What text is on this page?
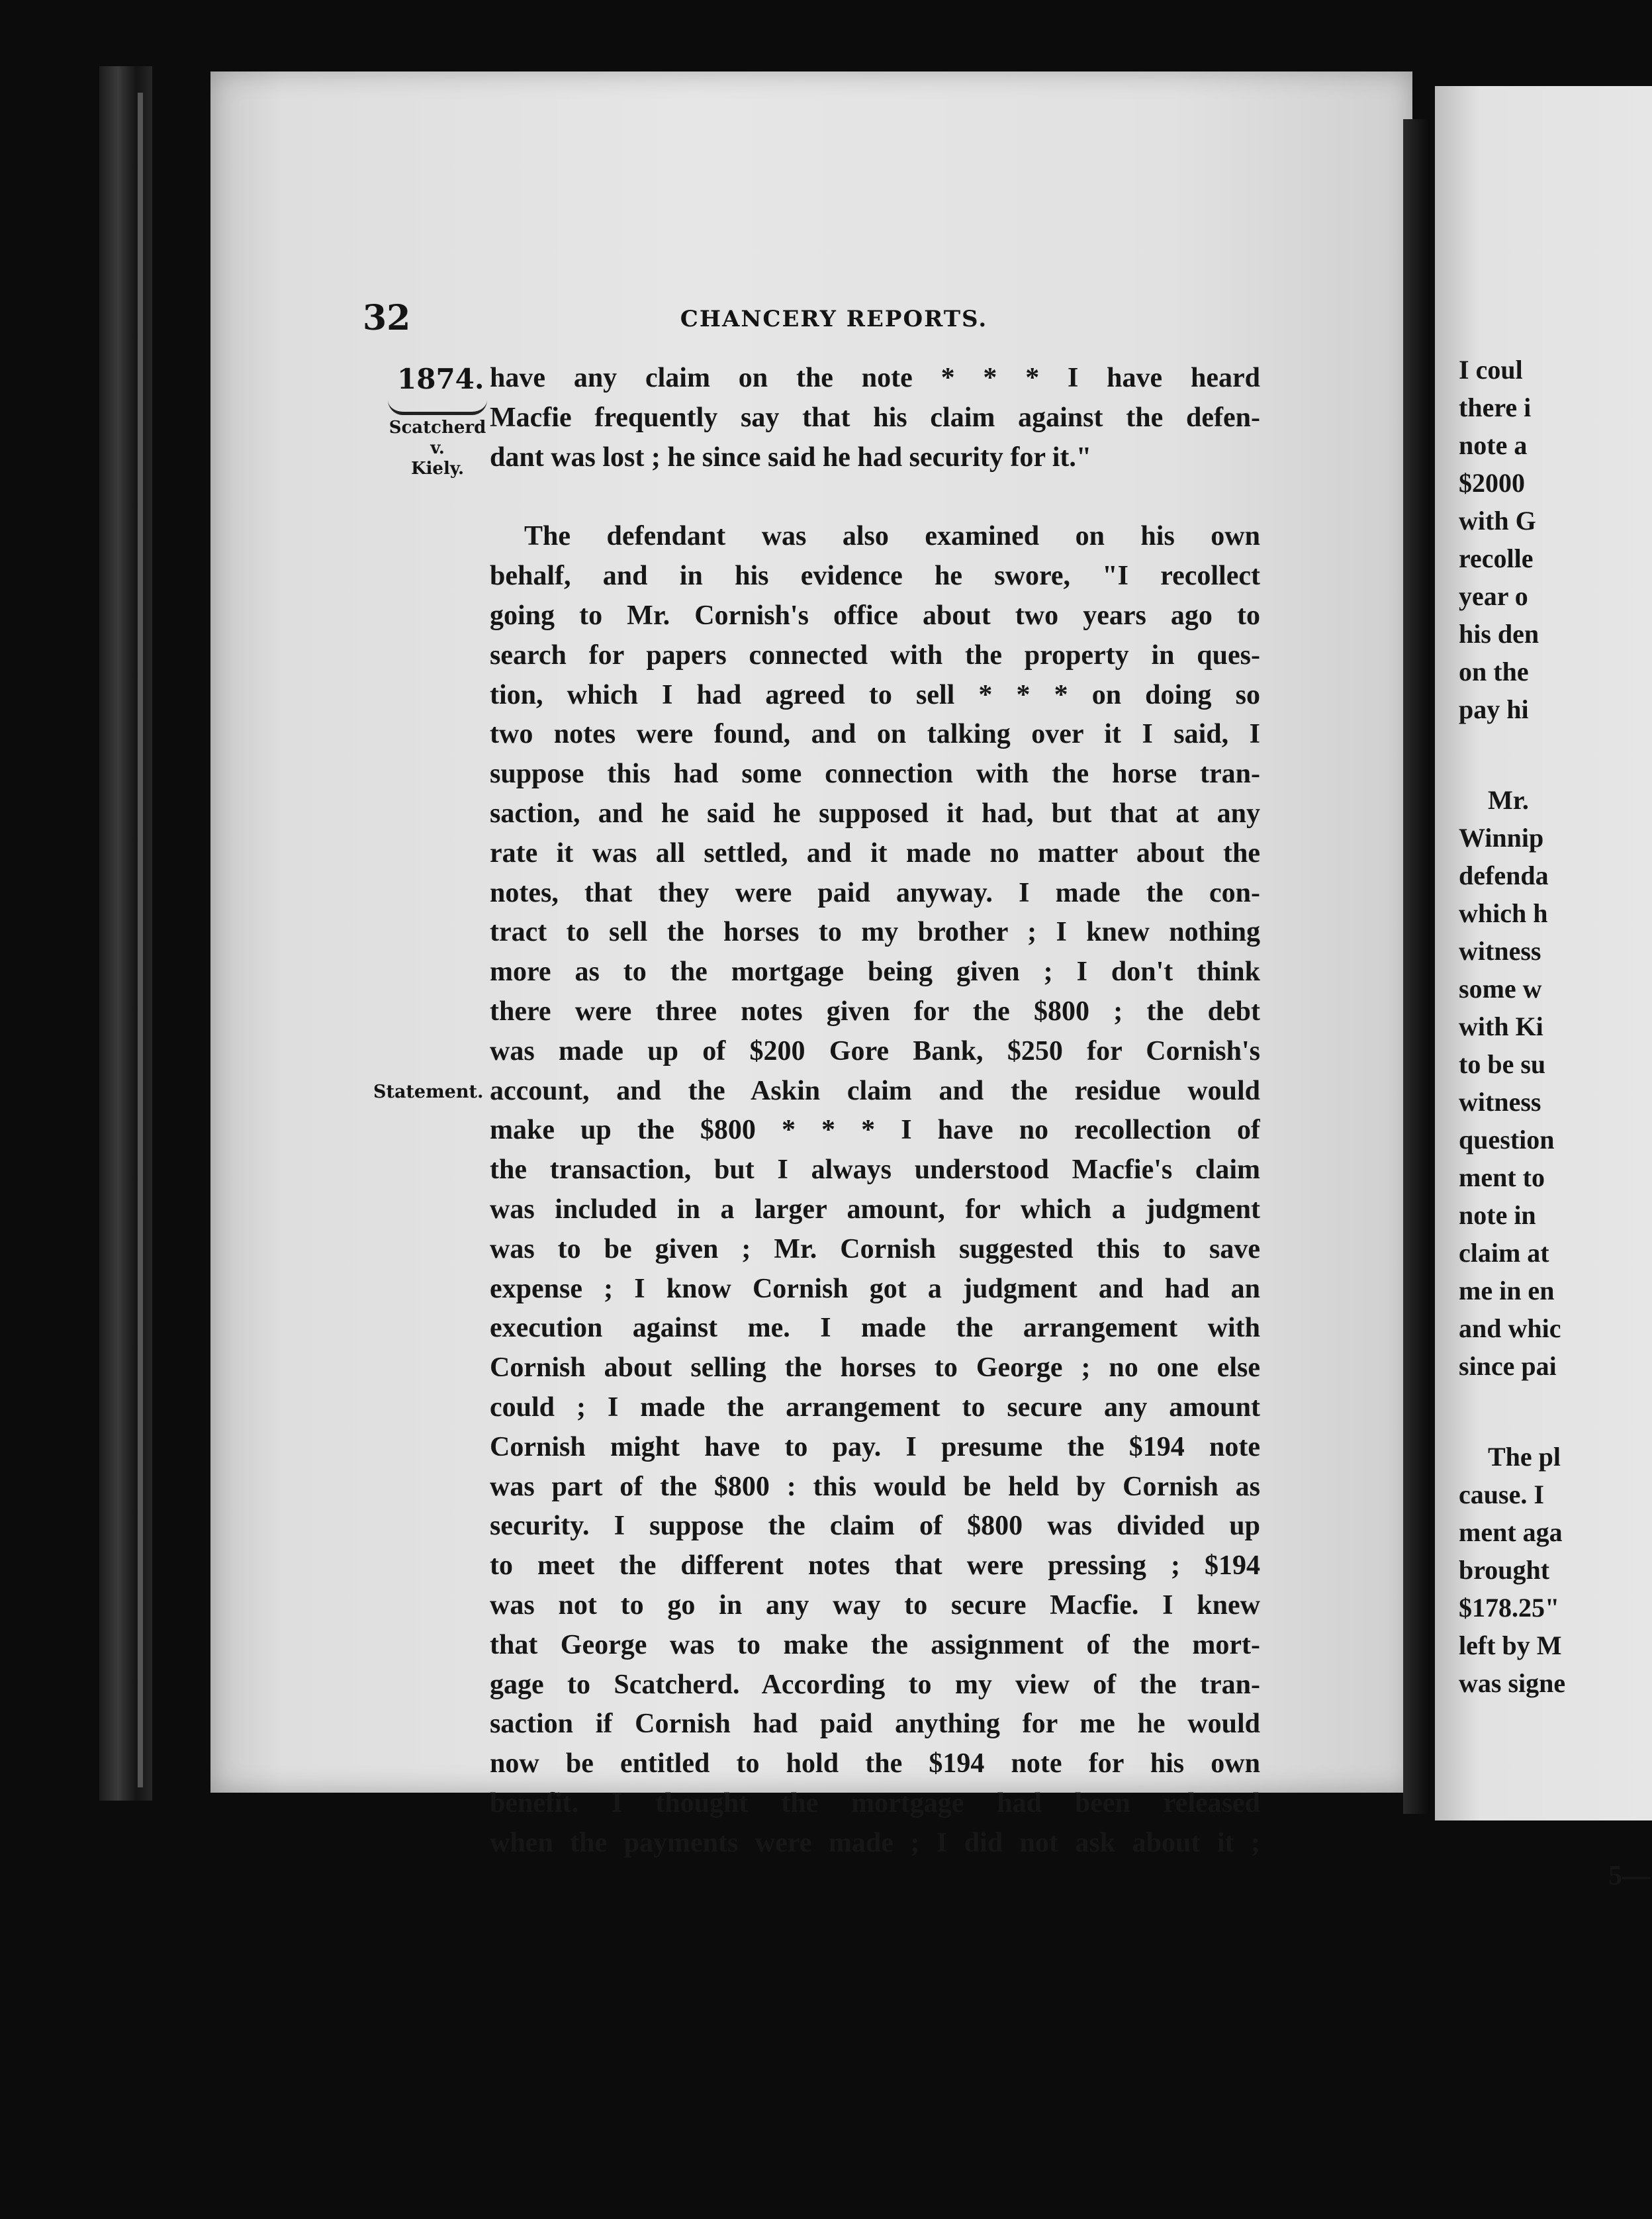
32	CHANCERY REPORTS.
1874.
Scatcherd
v.
Kiely.
Statement.
have any claim on the note * * * I have heard
Macfie frequently say that his claim against the defen-
dant was lost ; he since said he had security for it."
The defendant was also examined on his own
behalf, and in his evidence he swore, "I recollect
going to Mr. Cornish's office about two years ago to
search for papers connected with the property in ques-
tion, which I had agreed to sell * * * on doing so
two notes were found, and on talking over it I said, I
suppose this had some connection with the horse tran-
saction, and he said he supposed it had, but that at any
rate it was all settled, and it made no matter about the
notes, that they were paid anyway. I made the con-
tract to sell the horses to my brother ; I knew nothing
more as to the mortgage being given ; I don't think
there were three notes given for the $800 ; the debt
was made up of $200 Gore Bank, $250 for Cornish's
account, and the Askin claim and the residue would
make up the $800 * * * I have no recollection of
the transaction, but I always understood Macfie's claim
was included in a larger amount, for which a judgment
was to be given ; Mr. Cornish suggested this to save
expense ; I know Cornish got a judgment and had an
execution against me. I made the arrangement with
Cornish about selling the horses to George ; no one else
could ; I made the arrangement to secure any amount
Cornish might have to pay. I presume the $194 note
was part of the $800 : this would be held by Cornish as
security. I suppose the claim of $800 was divided up
to meet the different notes that were pressing ; $194
was not to go in any way to secure Macfie. I knew
that George was to make the assignment of the mort-
gage to Scatcherd. According to my view of the tran-
saction if Cornish had paid anything for me he would
now be entitled to hold the $194 note for his own
benefit. I thought the mortgage had been released
when the payments were made ; I did not ask about it ;
I coul
there i
note a
$2000
with G
recolle
year o
his den
on the
pay hi
Mr.
Winnip
defenda
which h
witness
some w
with Ki
to be su
witness
question
ment to
note in
claim at
me in en
and whic
since pai
The pl
cause. I
ment aga
brought
$178.25"
left by M
was signe
5—
